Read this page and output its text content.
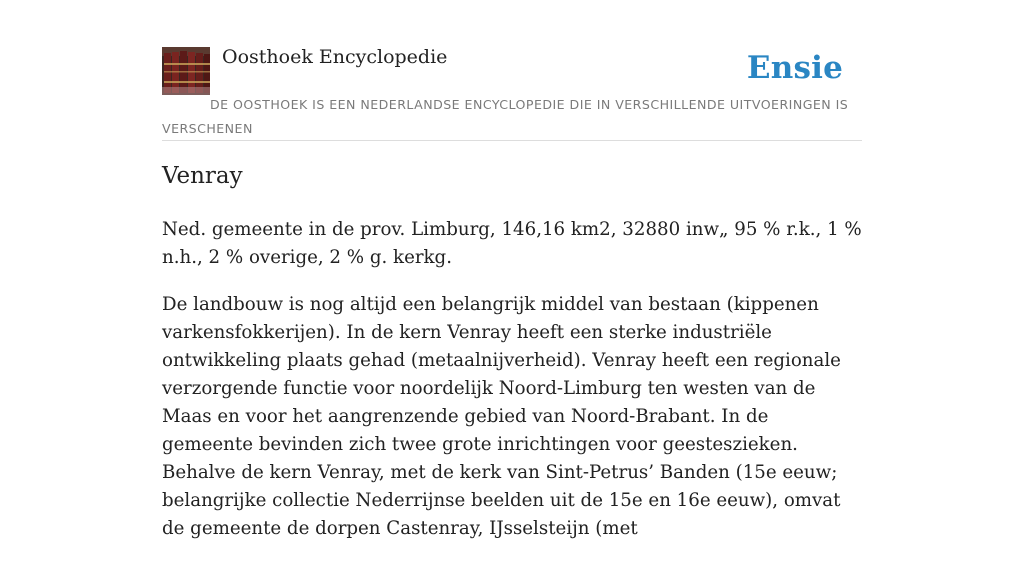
Oosthoek Encyclopedie	Ensie
DE OOSTHOEK IS EEN NEDERLANDSE ENCYCLOPEDIE DIE IN VERSCHILLENDE UITVOERINGEN IS VERSCHENEN
Venray

Ned. gemeente in de prov. Limburg, 146,16 km2, 32880 inw„ 95 % r.k., 1 % n.h., 2 % overige, 2 % g. kerkg.

De landbouw is nog altijd een belangrijk middel van bestaan (kippenen varkensfokkerijen). In de kern Venray heeft een sterke industriële ontwikkeling plaats gehad (metaalnijverheid). Venray heeft een regionale verzorgende functie voor noordelijk Noord-Limburg ten westen van de Maas en voor het aangrenzende gebied van Noord-Brabant. In de gemeente bevinden zich twee grote inrichtingen voor geesteszieken. Behalve de kern Venray, met de kerk van Sint-Petrus’ Banden (15e eeuw; belangrijke collectie Nederrijnse beelden uit de 15e en 16e eeuw), omvat de gemeente de dorpen Castenray, IJsselsteijn (met
